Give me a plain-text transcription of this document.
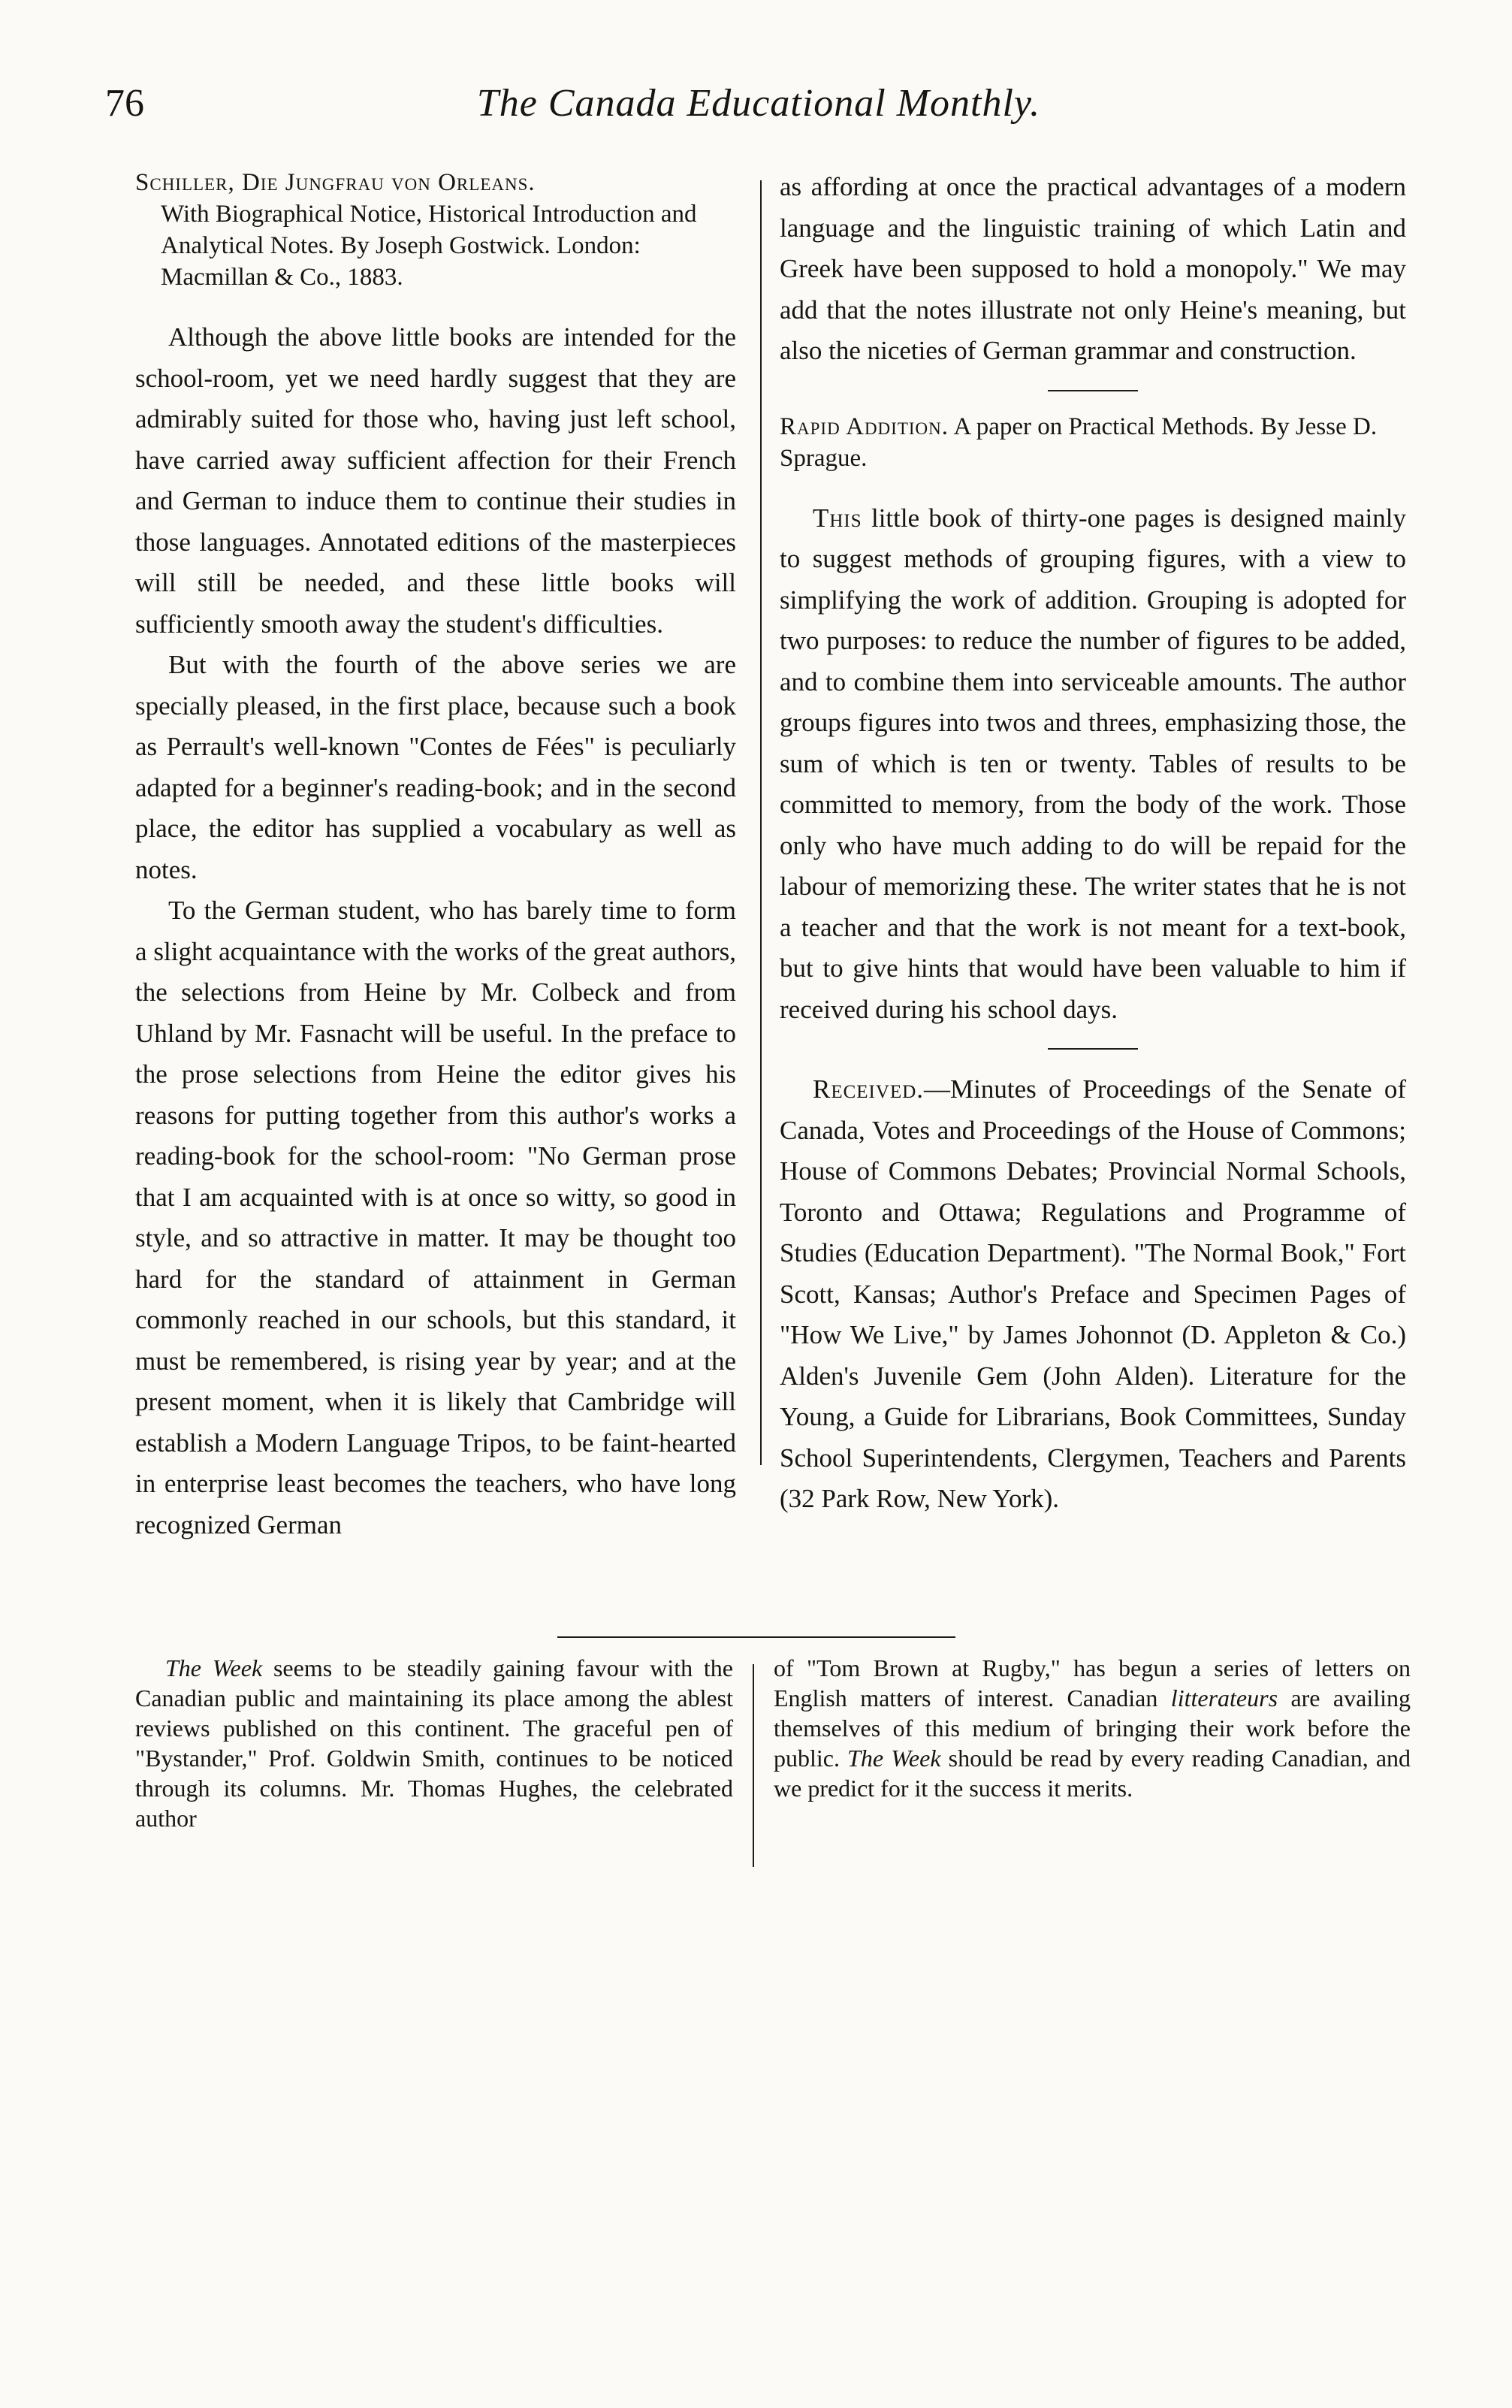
76	The Canada Educational Monthly.

Schiller, Die Jungfrau von Orleans.
With Biographical Notice, Historical Introduction and Analytical Notes. By Joseph Gostwick. London: Macmillan & Co., 1883.

Although the above little books are intended for the school-room, yet we need hardly suggest that they are admirably suited for those who, having just left school, have carried away sufficient affection for their French and German to induce them to continue their studies in those languages. Annotated editions of the masterpieces will still be needed, and these little books will sufficiently smooth away the student's difficulties.

But with the fourth of the above series we are specially pleased, in the first place, because such a book as Perrault's well-known "Contes de Fées" is peculiarly adapted for a beginner's reading-book; and in the second place, the editor has supplied a vocabulary as well as notes.

To the German student, who has barely time to form a slight acquaintance with the works of the great authors, the selections from Heine by Mr. Colbeck and from Uhland by Mr. Fasnacht will be useful. In the preface to the prose selections from Heine the editor gives his reasons for putting together from this author's works a reading-book for the school-room: "No German prose that I am acquainted with is at once so witty, so good in style, and so attractive in matter. It may be thought too hard for the standard of attainment in German commonly reached in our schools, but this standard, it must be remembered, is rising year by year; and at the present moment, when it is likely that Cambridge will establish a Modern Language Tripos, to be faint-hearted in enterprise least becomes the teachers, who have long recognized German

as affording at once the practical advantages of a modern language and the linguistic training of which Latin and Greek have been supposed to hold a monopoly." We may add that the notes illustrate not only Heine's meaning, but also the niceties of German grammar and construction.

Rapid Addition. A paper on Practical Methods. By Jesse D. Sprague.

This little book of thirty-one pages is designed mainly to suggest methods of grouping figures, with a view to simplifying the work of addition. Grouping is adopted for two purposes: to reduce the number of figures to be added, and to combine them into serviceable amounts. The author groups figures into twos and threes, emphasizing those, the sum of which is ten or twenty. Tables of results to be committed to memory, from the body of the work. Those only who have much adding to do will be repaid for the labour of memorizing these. The writer states that he is not a teacher and that the work is not meant for a text-book, but to give hints that would have been valuable to him if received during his school days.

Received.—Minutes of Proceedings of the Senate of Canada, Votes and Proceedings of the House of Commons; House of Commons Debates; Provincial Normal Schools, Toronto and Ottawa; Regulations and Programme of Studies (Education Department). "The Normal Book," Fort Scott, Kansas; Author's Preface and Specimen Pages of "How We Live," by James Johonnot (D. Appleton & Co.) Alden's Juvenile Gem (John Alden). Literature for the Young, a Guide for Librarians, Book Committees, Sunday School Superintendents, Clergymen, Teachers and Parents (32 Park Row, New York).

The Week seems to be steadily gaining favour with the Canadian public and maintaining its place among the ablest reviews published on this continent. The graceful pen of "Bystander," Prof. Goldwin Smith, continues to be noticed through its columns. Mr. Thomas Hughes, the celebrated author

of "Tom Brown at Rugby," has begun a series of letters on English matters of interest. Canadian litterateurs are availing themselves of this medium of bringing their work before the public. The Week should be read by every reading Canadian, and we predict for it the success it merits.
